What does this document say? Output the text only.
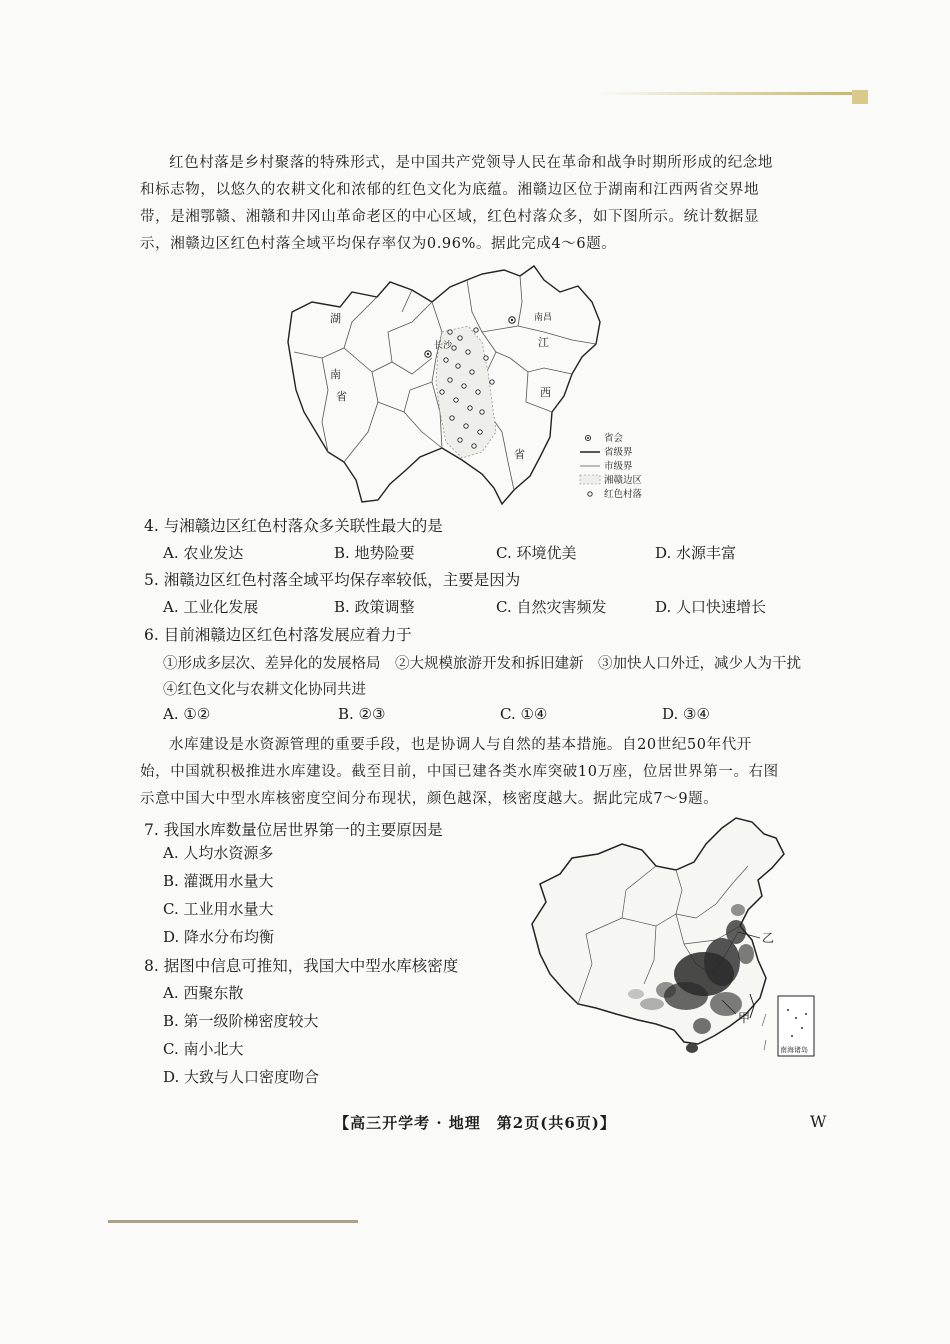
红色村落是乡村聚落的特殊形式，是中国共产党领导人民在革命和战争时期所形成的纪念地和标志物，以悠久的农耕文化和浓郁的红色文化为底蕴。湘赣边区位于湖南和江西两省交界地带，是湘鄂赣、湘赣和井冈山革命老区的中心区域，红色村落众多，如下图所示。统计数据显示，湘赣边区红色村落全域平均保存率仅为0.96%。据此完成4～6题。

湖
南
省
江
西
省
南昌
长沙
省会
省级界
市级界
湘赣边区
红色村落

4. 与湘赣边区红色村落众多关联性最大的是

A. 农业发达	B. 地势险要	C. 环境优美	D. 水源丰富

5. 湘赣边区红色村落全域平均保存率较低，主要是因为

A. 工业化发展	B. 政策调整	C. 自然灾害频发	D. 人口快速增长

6. 目前湘赣边区红色村落发展应着力于

①形成多层次、差异化的发展格局　②大规模旅游开发和拆旧建新　③加快人口外迁，减少人为干扰
④红色文化与农耕文化协同共进
A. ①②	B. ②③	C. ①④	D. ③④

水库建设是水资源管理的重要手段，也是协调人与自然的基本措施。自20世纪50年代开始，中国就积极推进水库建设。截至目前，中国已建各类水库突破10万座，位居世界第一。右图示意中国大中型水库核密度空间分布现状，颜色越深，核密度越大。据此完成7～9题。

7. 我国水库数量位居世界第一的主要原因是

A. 人均水资源多
B. 灌溉用水量大
C. 工业用水量大
D. 降水分布均衡

8. 据图中信息可推知，我国大中型水库核密度

A. 西聚东散
B. 第一级阶梯密度较大
C. 南小北大
D. 大致与人口密度吻合
乙
甲
南海诸岛
【高三开学考 · 地理　第2页(共6页)】	W
